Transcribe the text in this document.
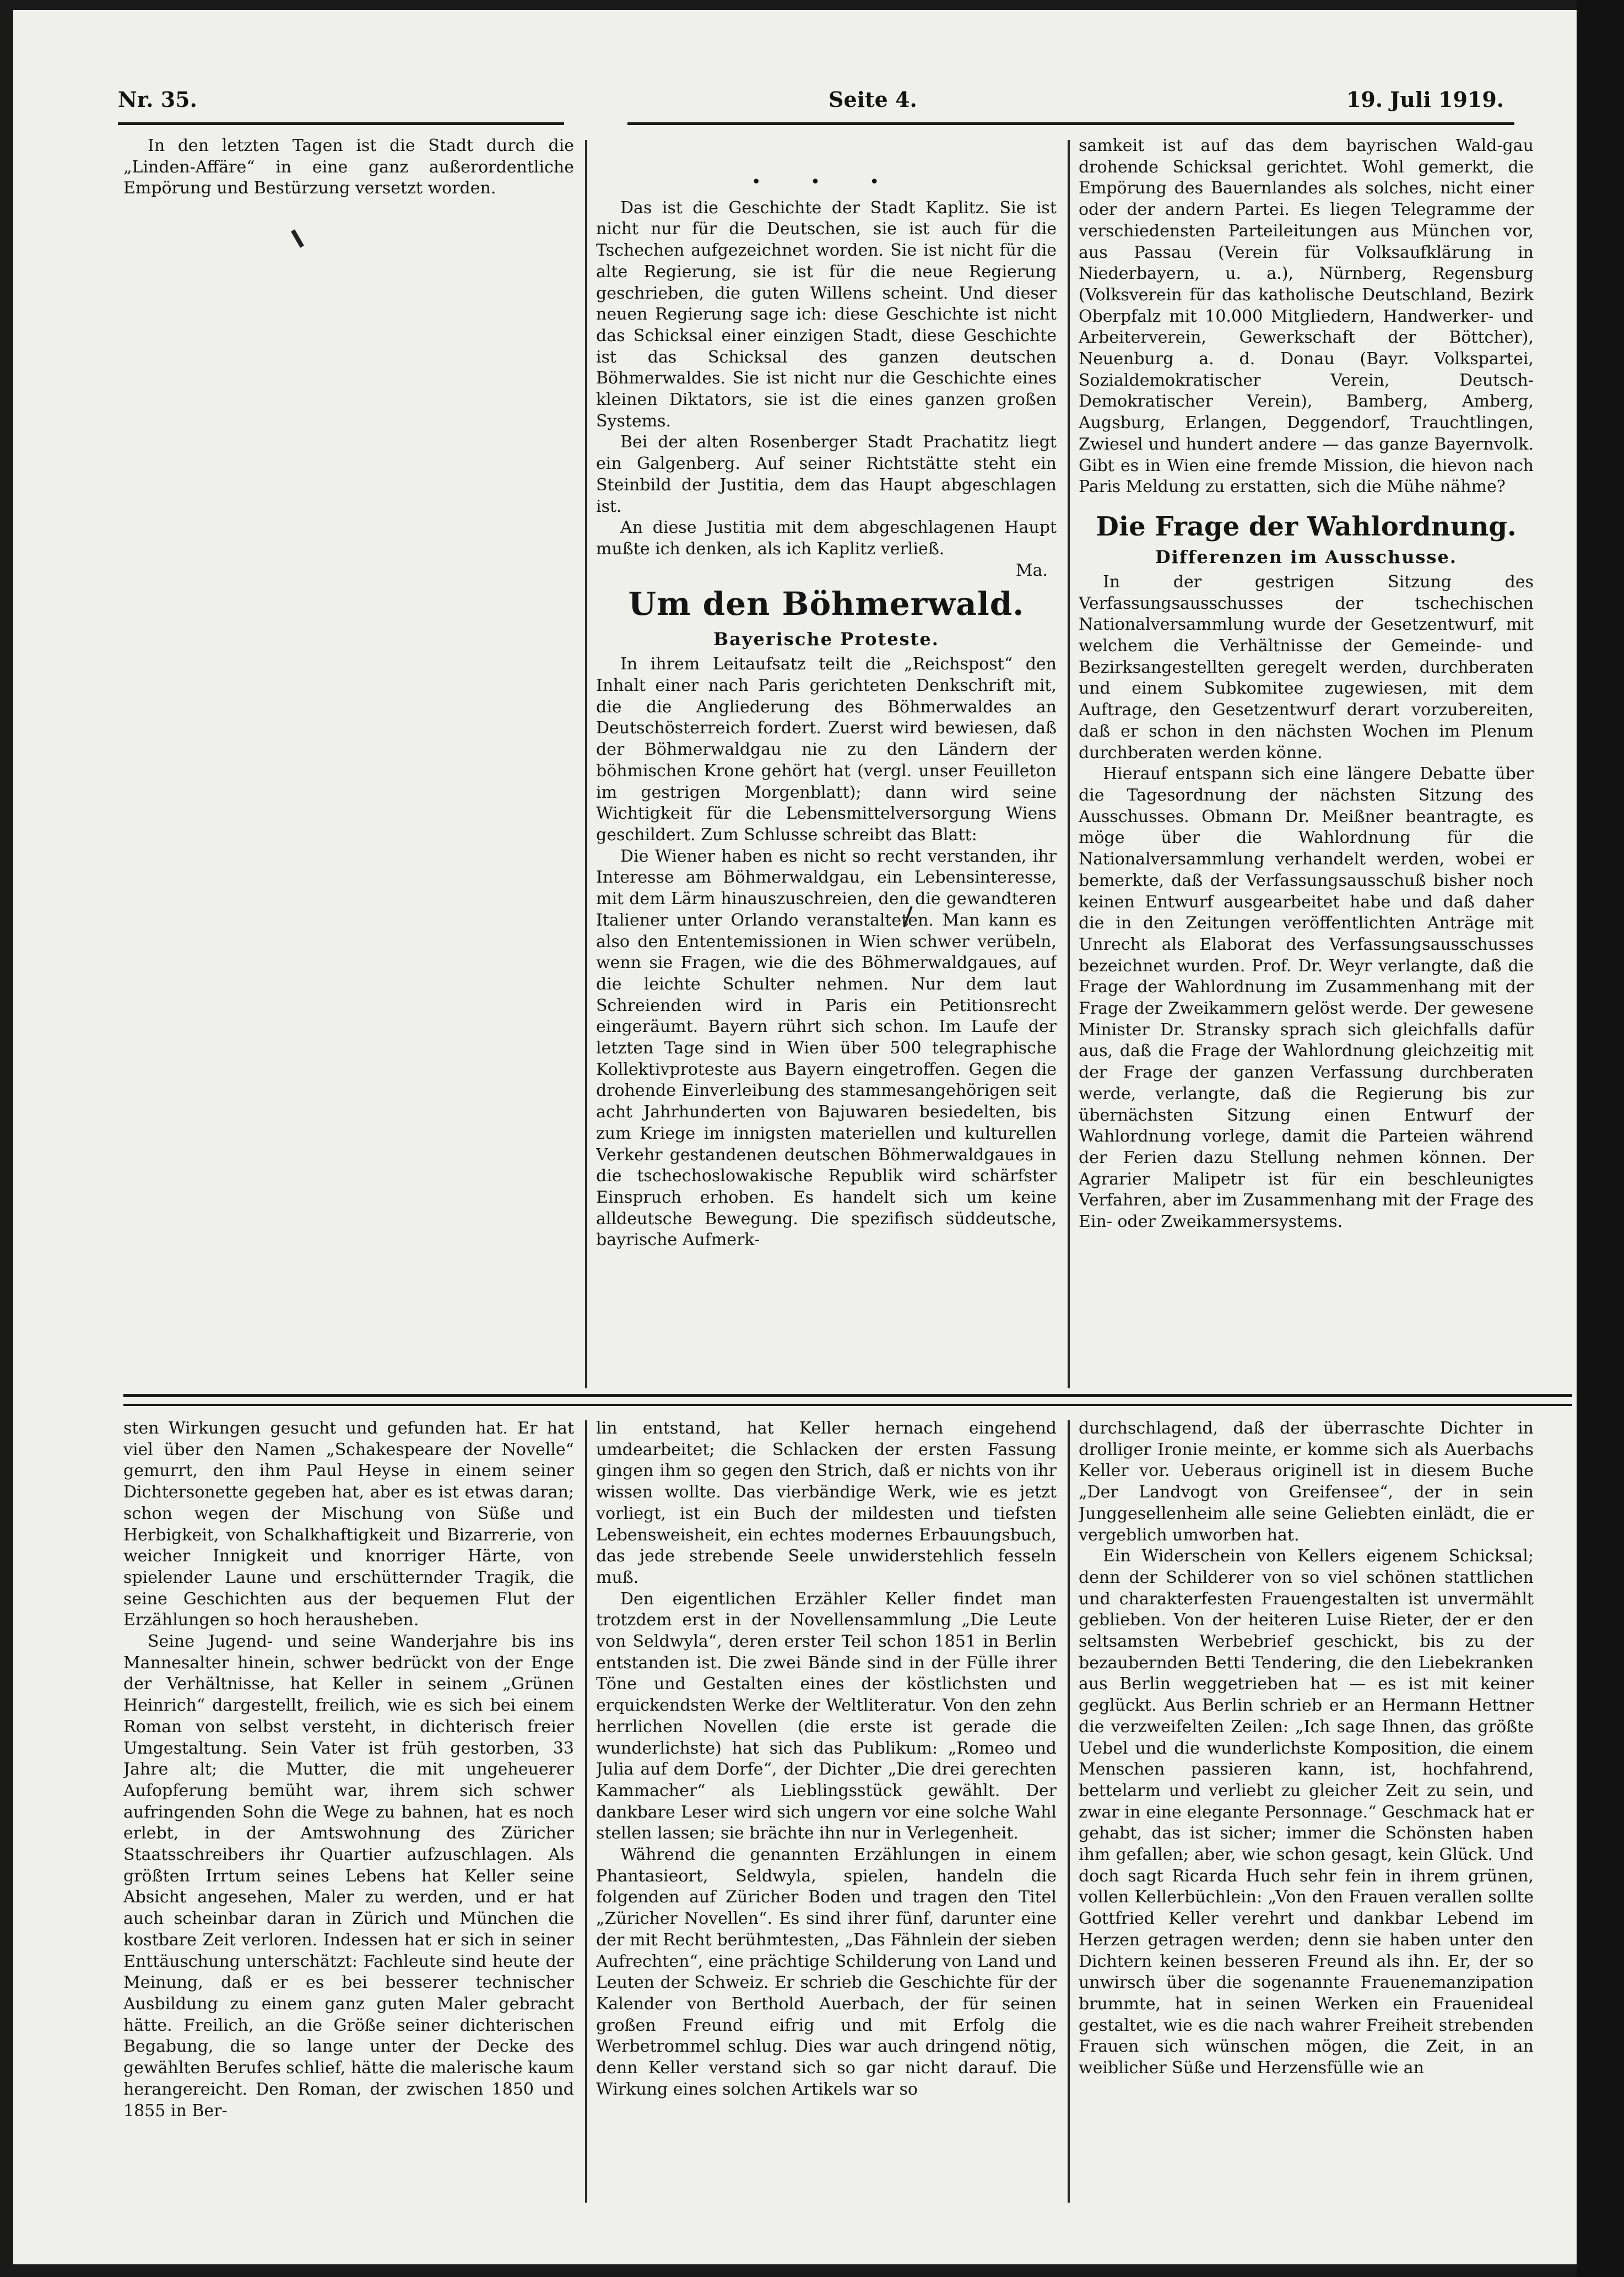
Nr. 35.	Seite 4.	19. Juli 1919.

In den letzten Tagen ist die Stadt durch die „Linden-Affäre“ in eine ganz außerordentliche Empörung und Bestürzung versetzt worden.	• • •

Das ist die Geschichte der Stadt Kaplitz. Sie ist nicht nur für die Deutschen, sie ist auch für die Tschechen aufgezeichnet worden. Sie ist nicht für die alte Regierung, sie ist für die neue Regierung geschrieben, die guten Willens scheint. Und dieser neuen Regierung sage ich: diese Geschichte ist nicht das Schicksal einer einzigen Stadt, diese Geschichte ist das Schicksal des ganzen deutschen Böhmerwaldes. Sie ist nicht nur die Geschichte eines kleinen Diktators, sie ist die eines ganzen großen Systems.

Bei der alten Rosenberger Stadt Prachatitz liegt ein Galgenberg. Auf seiner Richtstätte steht ein Steinbild der Justitia, dem das Haupt abgeschlagen ist.

An diese Justitia mit dem abgeschlagenen Haupt mußte ich denken, als ich Kaplitz verließ.

Ma.

Um den Böhmerwald.
Bayerische Proteste.

In ihrem Leitaufsatz teilt die „Reichspost“ den Inhalt einer nach Paris gerichteten Denkschrift mit, die die Angliederung des Böhmerwaldes an Deutschösterreich fordert. Zuerst wird bewiesen, daß der Böhmerwaldgau nie zu den Ländern der böhmischen Krone gehört hat (vergl. unser Feuilleton im gestrigen Morgenblatt); dann wird seine Wichtigkeit für die Lebensmittelversorgung Wiens geschildert. Zum Schlusse schreibt das Blatt:

Die Wiener haben es nicht so recht verstanden, ihr Interesse am Böhmerwaldgau, ein Lebensinteresse, mit dem Lärm hinauszuschreien, den die gewandteren Italiener unter Orlando veranstalteten. Man kann es also den Ententemissionen in Wien schwer verübeln, wenn sie Fragen, wie die des Böhmerwaldgaues, auf die leichte Schulter nehmen. Nur dem laut Schreienden wird in Paris ein Petitionsrecht eingeräumt. Bayern rührt sich schon. Im Laufe der letzten Tage sind in Wien über 500 telegraphische Kollektivproteste aus Bayern eingetroffen. Gegen die drohende Einverleibung des stammesangehörigen seit acht Jahrhunderten von Bajuwaren besiedelten, bis zum Kriege im innigsten materiellen und kulturellen Verkehr gestandenen deutschen Böhmerwaldgaues in die tschechoslowakische Republik wird schärfster Einspruch erhoben. Es handelt sich um keine alldeutsche Bewegung. Die spezifisch süddeutsche, bayrische Aufmerk-

samkeit ist auf das dem bayrischen Wald-gau drohende Schicksal gerichtet. Wohl gemerkt, die Empörung des Bauernlandes als solches, nicht einer oder der andern Partei. Es liegen Telegramme der verschiedensten Parteileitungen aus München vor, aus Passau (Verein für Volksaufklärung in Niederbayern, u. a.), Nürnberg, Regensburg (Volksverein für das katholische Deutschland, Bezirk Oberpfalz mit 10.000 Mitgliedern, Handwerker- und Arbeiterverein, Gewerkschaft der Böttcher), Neuenburg a. d. Donau (Bayr. Volkspartei, Sozialdemokratischer Verein, Deutsch-Demokratischer Verein), Bamberg, Amberg, Augsburg, Erlangen, Deggendorf, Trauchtlingen, Zwiesel und hundert andere — das ganze Bayernvolk. Gibt es in Wien eine fremde Mission, die hievon nach Paris Meldung zu erstatten, sich die Mühe nähme?

Die Frage der Wahlordnung.
Differenzen im Ausschusse.

In der gestrigen Sitzung des Verfassungsausschusses der tschechischen Nationalversammlung wurde der Gesetzentwurf, mit welchem die Verhältnisse der Gemeinde- und Bezirksangestellten geregelt werden, durchberaten und einem Subkomitee zugewiesen, mit dem Auftrage, den Gesetzentwurf derart vorzubereiten, daß er schon in den nächsten Wochen im Plenum durchberaten werden könne.

Hierauf entspann sich eine längere Debatte über die Tagesordnung der nächsten Sitzung des Ausschusses. Obmann Dr. Meißner beantragte, es möge über die Wahlordnung für die Nationalversammlung verhandelt werden, wobei er bemerkte, daß der Verfassungsausschuß bisher noch keinen Entwurf ausgearbeitet habe und daß daher die in den Zeitungen veröffentlichten Anträge mit Unrecht als Elaborat des Verfassungsausschusses bezeichnet wurden. Prof. Dr. Weyr verlangte, daß die Frage der Wahlordnung im Zusammenhang mit der Frage der Zweikammern gelöst werde. Der gewesene Minister Dr. Stransky sprach sich gleichfalls dafür aus, daß die Frage der Wahlordnung gleichzeitig mit der Frage der ganzen Verfassung durchberaten werde, verlangte, daß die Regierung bis zur übernächsten Sitzung einen Entwurf der Wahlordnung vorlege, damit die Parteien während der Ferien dazu Stellung nehmen können. Der Agrarier Malipetr ist für ein beschleunigtes Verfahren, aber im Zusammenhang mit der Frage des Ein- oder Zweikammersystems.

sten Wirkungen gesucht und gefunden hat. Er hat viel über den Namen „Schakespeare der Novelle“ gemurrt, den ihm Paul Heyse in einem seiner Dichtersonette gegeben hat, aber es ist etwas daran; schon wegen der Mischung von Süße und Herbigkeit, von Schalkhaftigkeit und Bizarrerie, von weicher Innigkeit und knorriger Härte, von spielender Laune und erschütternder Tragik, die seine Geschichten aus der bequemen Flut der Erzählungen so hoch herausheben.

Seine Jugend- und seine Wanderjahre bis ins Mannesalter hinein, schwer bedrückt von der Enge der Verhältnisse, hat Keller in seinem „Grünen Heinrich“ dargestellt, freilich, wie es sich bei einem Roman von selbst versteht, in dichterisch freier Umgestaltung. Sein Vater ist früh gestorben, 33 Jahre alt; die Mutter, die mit ungeheuerer Aufopferung bemüht war, ihrem sich schwer aufringenden Sohn die Wege zu bahnen, hat es noch erlebt, in der Amtswohnung des Züricher Staatsschreibers ihr Quartier aufzuschlagen. Als größten Irrtum seines Lebens hat Keller seine Absicht angesehen, Maler zu werden, und er hat auch scheinbar daran in Zürich und München die kostbare Zeit verloren. Indessen hat er sich in seiner Enttäuschung unterschätzt: Fachleute sind heute der Meinung, daß er es bei besserer technischer Ausbildung zu einem ganz guten Maler gebracht hätte. Freilich, an die Größe seiner dichterischen Begabung, die so lange unter der Decke des gewählten Berufes schlief, hätte die malerische kaum herangereicht. Den Roman, der zwischen 1850 und 1855 in Ber-

lin entstand, hat Keller hernach eingehend umdearbeitet; die Schlacken der ersten Fassung gingen ihm so gegen den Strich, daß er nichts von ihr wissen wollte. Das vierbändige Werk, wie es jetzt vorliegt, ist ein Buch der mildesten und tiefsten Lebensweisheit, ein echtes modernes Erbauungsbuch, das jede strebende Seele unwiderstehlich fesseln muß.

Den eigentlichen Erzähler Keller findet man trotzdem erst in der Novellensammlung „Die Leute von Seldwyla“, deren erster Teil schon 1851 in Berlin entstanden ist. Die zwei Bände sind in der Fülle ihrer Töne und Gestalten eines der köstlichsten und erquickendsten Werke der Weltliteratur. Von den zehn herrlichen Novellen (die erste ist gerade die wunderlichste) hat sich das Publikum: „Romeo und Julia auf dem Dorfe“, der Dichter „Die drei gerechten Kammacher“ als Lieblingsstück gewählt. Der dankbare Leser wird sich ungern vor eine solche Wahl stellen lassen; sie brächte ihn nur in Verlegenheit.

Während die genannten Erzählungen in einem Phantasieort, Seldwyla, spielen, handeln die folgenden auf Züricher Boden und tragen den Titel „Züricher Novellen“. Es sind ihrer fünf, darunter eine der mit Recht berühmtesten, „Das Fähnlein der sieben Aufrechten“, eine prächtige Schilderung von Land und Leuten der Schweiz. Er schrieb die Geschichte für der Kalender von Berthold Auerbach, der für seinen großen Freund eifrig und mit Erfolg die Werbetrommel schlug. Dies war auch dringend nötig, denn Keller verstand sich so gar nicht darauf. Die Wirkung eines solchen Artikels war so

durchschlagend, daß der überraschte Dichter in drolliger Ironie meinte, er komme sich als Auerbachs Keller vor. Ueberaus originell ist in diesem Buche „Der Landvogt von Greifensee“, der in sein Junggesellenheim alle seine Geliebten einlädt, die er vergeblich umworben hat.

Ein Widerschein von Kellers eigenem Schicksal; denn der Schilderer von so viel schönen stattlichen und charakterfesten Frauengestalten ist unvermählt geblieben. Von der heiteren Luise Rieter, der er den seltsamsten Werbebrief geschickt, bis zu der bezaubernden Betti Tendering, die den Liebekranken aus Berlin weggetrieben hat — es ist mit keiner geglückt. Aus Berlin schrieb er an Hermann Hettner die verzweifelten Zeilen: „Ich sage Ihnen, das größte Uebel und die wunderlichste Komposition, die einem Menschen passieren kann, ist, hochfahrend, bettelarm und verliebt zu gleicher Zeit zu sein, und zwar in eine elegante Personnage.“ Geschmack hat er gehabt, das ist sicher; immer die Schönsten haben ihm gefallen; aber, wie schon gesagt, kein Glück. Und doch sagt Ricarda Huch sehr fein in ihrem grünen, vollen Kellerbüchlein: „Von den Frauen verallen sollte Gottfried Keller verehrt und dankbar Lebend im Herzen getragen werden; denn sie haben unter den Dichtern keinen besseren Freund als ihn. Er, der so unwirsch über die sogenannte Frauenemanzipation brummte, hat in seinen Werken ein Frauenideal gestaltet, wie es die nach wahrer Freiheit strebenden Frauen sich wünschen mögen, die Zeit, in an weiblicher Süße und Herzensfülle wie an
